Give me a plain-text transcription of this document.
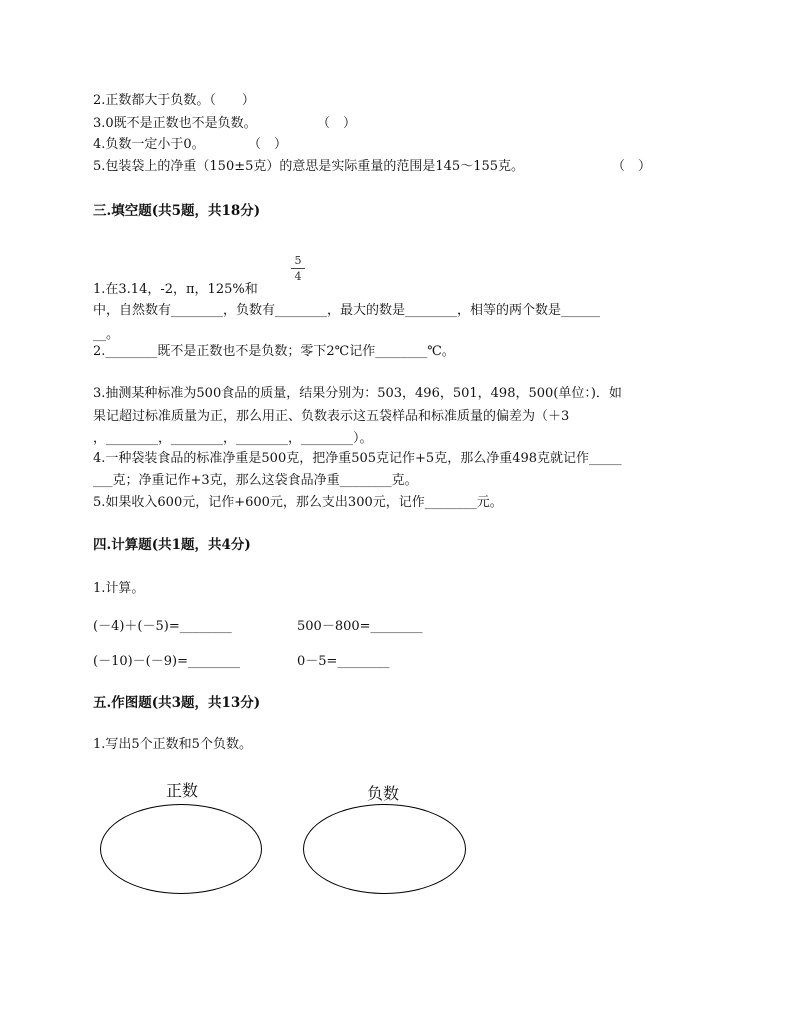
2.正数都大于负数。（　　）
3.0既不是正数也不是负数。	（　）
4.负数一定小于0。	（　）
5.包装袋上的净重（150±5克）的意思是实际重量的范围是145～155克。	（　）
三.填空题(共5题，共18分)
5
4
1.在3.14，-2，π，125%和
中，自然数有________，负数有________，最大的数是________，相等的两个数是______
__。
2.________既不是正数也不是负数；零下2℃记作________℃。
3.抽测某种标准为500食品的质量，结果分别为：503，496，501，498，500(单位：)．如
果记超过标准质量为正，那么用正、负数表示这五袋样品和标准质量的偏差为（＋3
，________，________，________，________）。
4.一种袋装食品的标准净重是500克，把净重505克记作+5克，那么净重498克就记作_____
___克；净重记作+3克，那么这袋食品净重________克。
5.如果收入600元，记作+600元，那么支出300元，记作________元。
四.计算题(共1题，共4分)
1.计算。
(－4)＋(－5)=________	500－800=________
(－10)－(－9)=________	0－5=________
五.作图题(共3题，共13分)
1.写出5个正数和5个负数。
正数	负数
